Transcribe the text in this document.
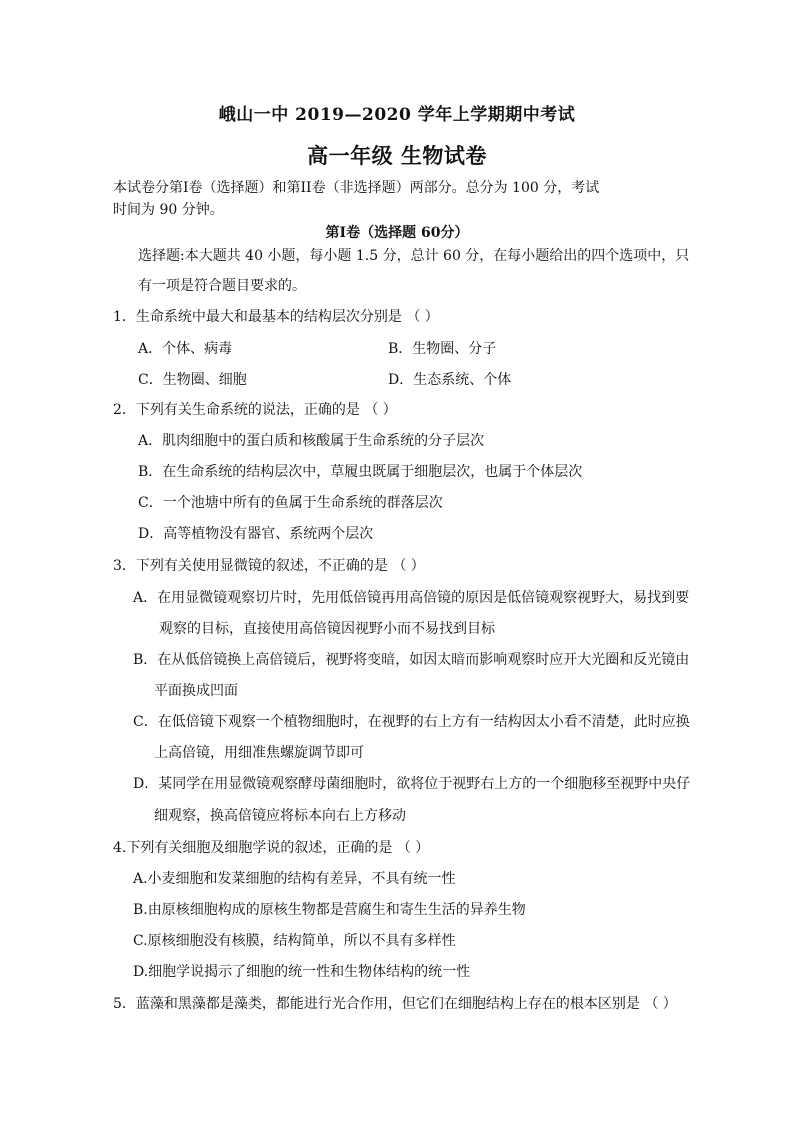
峨山一中 2019—2020 学年上学期期中考试
高一年级 生物试卷
本试卷分第Ⅰ卷（选择题）和第ⅠⅠ卷（非选择题）两部分。总分为 100 分，考试
时间为 90 分钟。
第Ⅰ卷（选择题 60分）
选择题:本大题共 40 小题，每小题 1.5 分，总计 60 分，在每小题给出的四个选项中，只
有一项是符合题目要求的。
1．生命系统中最大和最基本的结构层次分别是 （ ）
A．个体、病毒	B．生物圈、分子
C．生物圈、细胞	D．生态系统、个体
2．下列有关生命系统的说法，正确的是 （ ）
A．肌肉细胞中的蛋白质和核酸属于生命系统的分子层次
B．在生命系统的结构层次中，草履虫既属于细胞层次，也属于个体层次
C．一个池塘中所有的鱼属于生命系统的群落层次
D．高等植物没有器官、系统两个层次
3．下列有关使用显微镜的叙述，不正确的是 （ ）
A．在用显微镜观察切片时，先用低倍镜再用高倍镜的原因是低倍镜观察视野大，易找到要
观察的目标，直接使用高倍镜因视野小而不易找到目标
B．在从低倍镜换上高倍镜后，视野将变暗，如因太暗而影响观察时应开大光圈和反光镜由
平面换成凹面
C．在低倍镜下观察一个植物细胞时，在视野的右上方有一结构因太小看不清楚，此时应换
上高倍镜，用细准焦螺旋调节即可
D．某同学在用显微镜观察酵母菌细胞时，欲将位于视野右上方的一个细胞移至视野中央仔
细观察，换高倍镜应将标本向右上方移动
4.下列有关细胞及细胞学说的叙述，正确的是 （ ）
A.小麦细胞和发菜细胞的结构有差异，不具有统一性
B.由原核细胞构成的原核生物都是营腐生和寄生生活的异养生物
C.原核细胞没有核膜，结构简单，所以不具有多样性
D.细胞学说揭示了细胞的统一性和生物体结构的统一性
5．蓝藻和黑藻都是藻类，都能进行光合作用，但它们在细胞结构上存在的根本区别是 （ ）
